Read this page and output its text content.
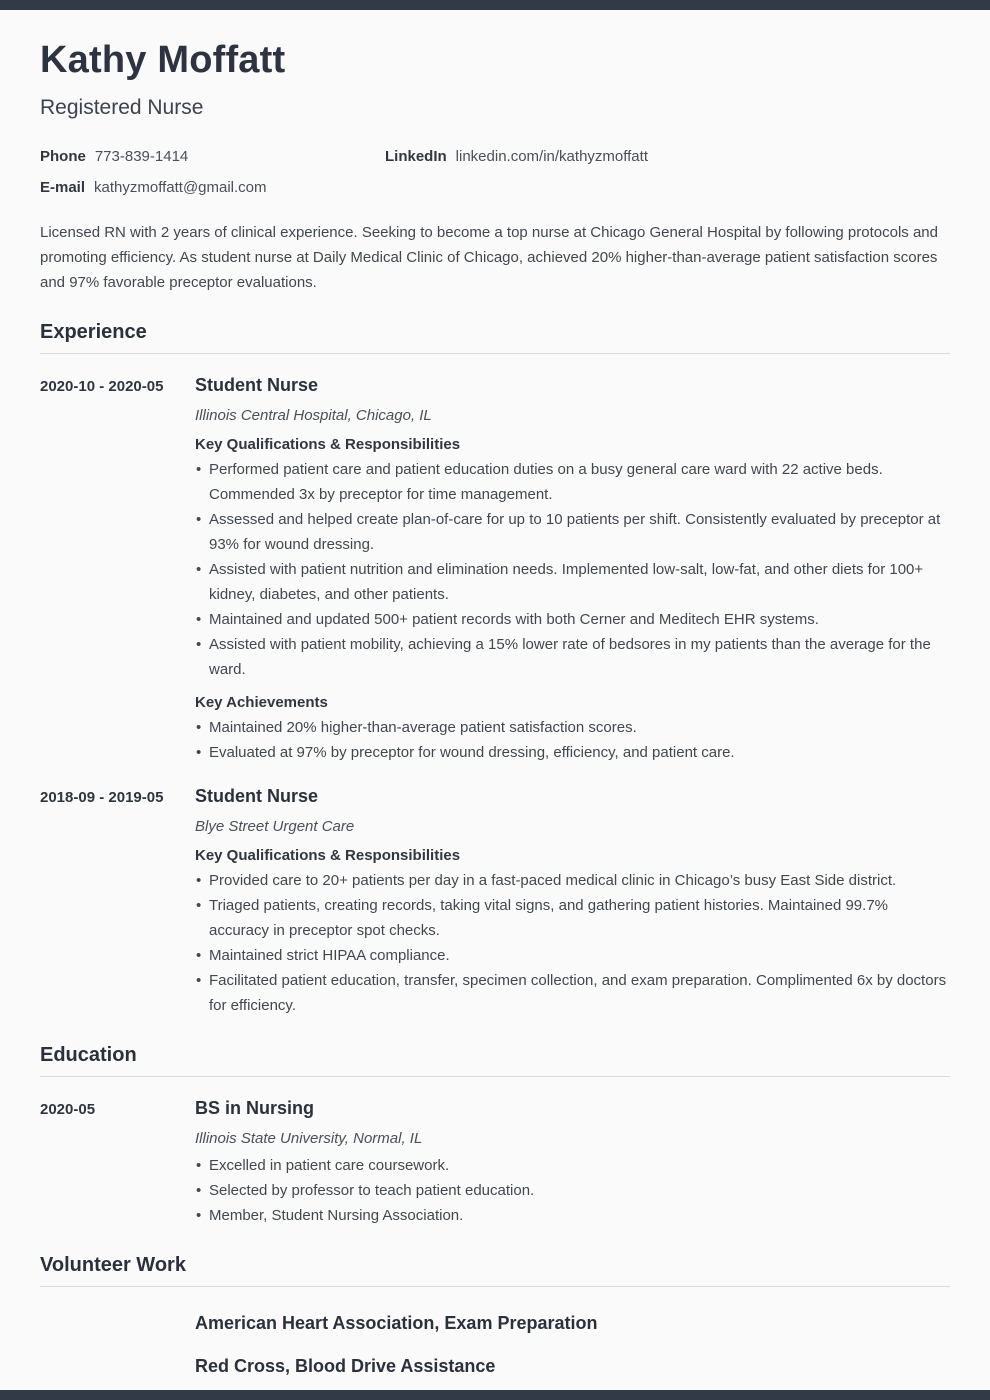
Kathy Moffatt
Registered Nurse
Phone 773-839-1414	LinkedIn linkedin.com/in/kathyzmoffatt
E-mail kathyzmoffatt@gmail.com

Licensed RN with 2 years of clinical experience. Seeking to become a top nurse at Chicago General Hospital by following protocols and promoting efficiency. As student nurse at Daily Medical Clinic of Chicago, achieved 20% higher-than-average patient satisfaction scores and 97% favorable preceptor evaluations.

Experience
2020-10 - 2020-05	Student Nurse
Illinois Central Hospital, Chicago, IL
Key Qualifications & Responsibilities
• Performed patient care and patient education duties on a busy general care ward with 22 active beds. Commended 3x by preceptor for time management.
• Assessed and helped create plan-of-care for up to 10 patients per shift. Consistently evaluated by preceptor at 93% for wound dressing.
• Assisted with patient nutrition and elimination needs. Implemented low-salt, low-fat, and other diets for 100+ kidney, diabetes, and other patients.
• Maintained and updated 500+ patient records with both Cerner and Meditech EHR systems.
• Assisted with patient mobility, achieving a 15% lower rate of bedsores in my patients than the average for the ward.
Key Achievements
• Maintained 20% higher-than-average patient satisfaction scores.
• Evaluated at 97% by preceptor for wound dressing, efficiency, and patient care.
2018-09 - 2019-05	Student Nurse
Blye Street Urgent Care
Key Qualifications & Responsibilities
• Provided care to 20+ patients per day in a fast-paced medical clinic in Chicago’s busy East Side district.
• Triaged patients, creating records, taking vital signs, and gathering patient histories. Maintained 99.7% accuracy in preceptor spot checks.
• Maintained strict HIPAA compliance.
• Facilitated patient education, transfer, specimen collection, and exam preparation. Complimented 6x by doctors for efficiency.
Education
2020-05	BS in Nursing
Illinois State University, Normal, IL
• Excelled in patient care coursework.
• Selected by professor to teach patient education.
• Member, Student Nursing Association.
Volunteer Work
American Heart Association, Exam Preparation
Red Cross, Blood Drive Assistance
